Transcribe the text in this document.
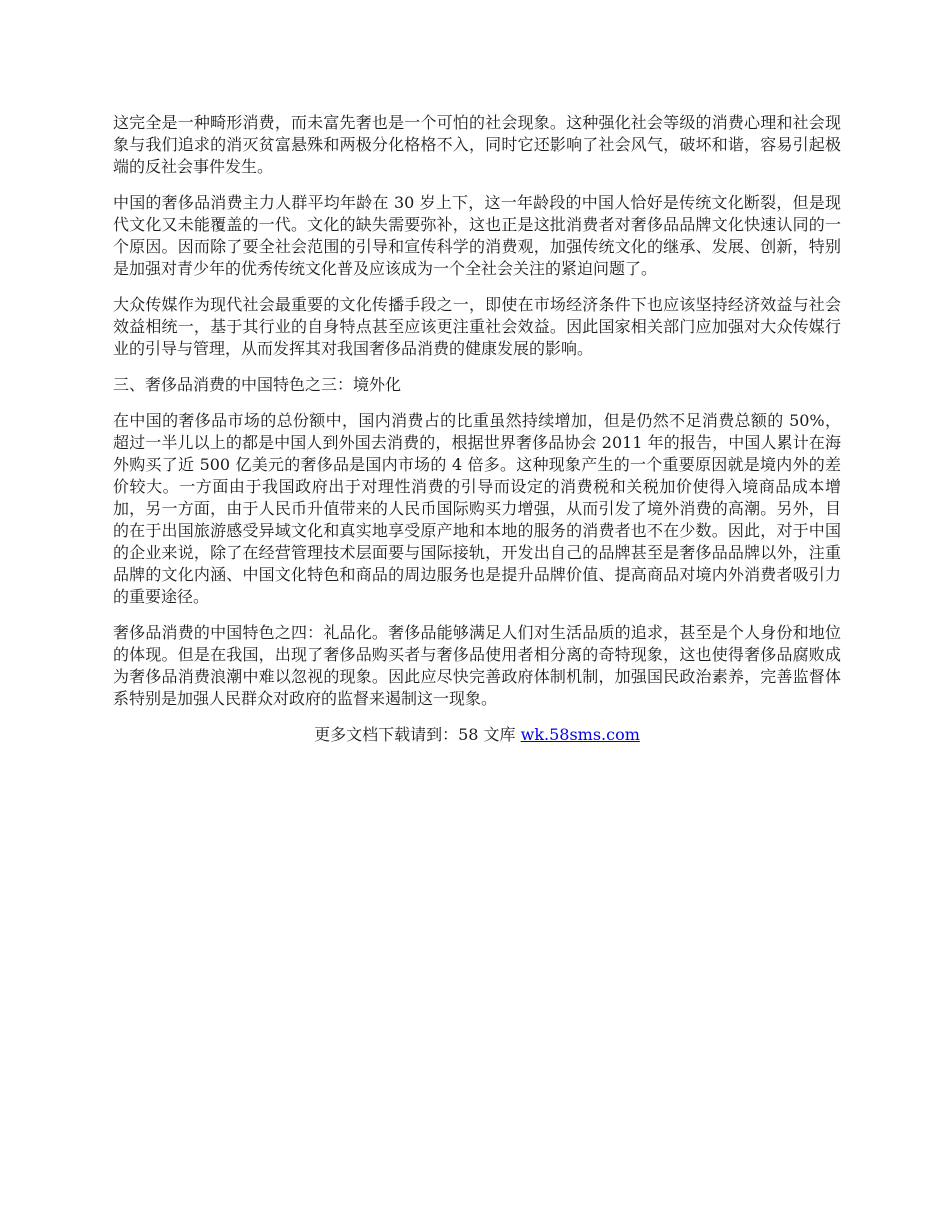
这完全是一种畸形消费，而未富先奢也是一个可怕的社会现象。这种强化社会等级的消费心理和社会现象与我们追求的消灭贫富悬殊和两极分化格格不入，同时它还影响了社会风气，破坏和谐，容易引起极端的反社会事件发生。

中国的奢侈品消费主力人群平均年龄在 30 岁上下，这一年龄段的中国人恰好是传统文化断裂，但是现代文化又未能覆盖的一代。文化的缺失需要弥补，这也正是这批消费者对奢侈品品牌文化快速认同的一个原因。因而除了要全社会范围的引导和宣传科学的消费观，加强传统文化的继承、发展、创新，特别是加强对青少年的优秀传统文化普及应该成为一个全社会关注的紧迫问题了。

大众传媒作为现代社会最重要的文化传播手段之一，即使在市场经济条件下也应该坚持经济效益与社会效益相统一，基于其行业的自身特点甚至应该更注重社会效益。因此国家相关部门应加强对大众传媒行业的引导与管理，从而发挥其对我国奢侈品消费的健康发展的影响。

三、奢侈品消费的中国特色之三：境外化

在中国的奢侈品市场的总份额中，国内消费占的比重虽然持续增加，但是仍然不足消费总额的 50%，超过一半儿以上的都是中国人到外国去消费的，根据世界奢侈品协会 2011 年的报告，中国人累计在海外购买了近 500 亿美元的奢侈品是国内市场的 4 倍多。这种现象产生的一个重要原因就是境内外的差价较大。一方面由于我国政府出于对理性消费的引导而设定的消费税和关税加价使得入境商品成本增加，另一方面，由于人民币升值带来的人民币国际购买力增强，从而引发了境外消费的高潮。另外，目的在于出国旅游感受异域文化和真实地享受原产地和本地的服务的消费者也不在少数。因此，对于中国的企业来说，除了在经营管理技术层面要与国际接轨，开发出自己的品牌甚至是奢侈品品牌以外，注重品牌的文化内涵、中国文化特色和商品的周边服务也是提升品牌价值、提高商品对境内外消费者吸引力的重要途径。

奢侈品消费的中国特色之四：礼品化。奢侈品能够满足人们对生活品质的追求，甚至是个人身份和地位的体现。但是在我国，出现了奢侈品购买者与奢侈品使用者相分离的奇特现象，这也使得奢侈品腐败成为奢侈品消费浪潮中难以忽视的现象。因此应尽快完善政府体制机制，加强国民政治素养，完善监督体系特别是加强人民群众对政府的监督来遏制这一现象。

更多文档下载请到：58 文库 wk.58sms.com
